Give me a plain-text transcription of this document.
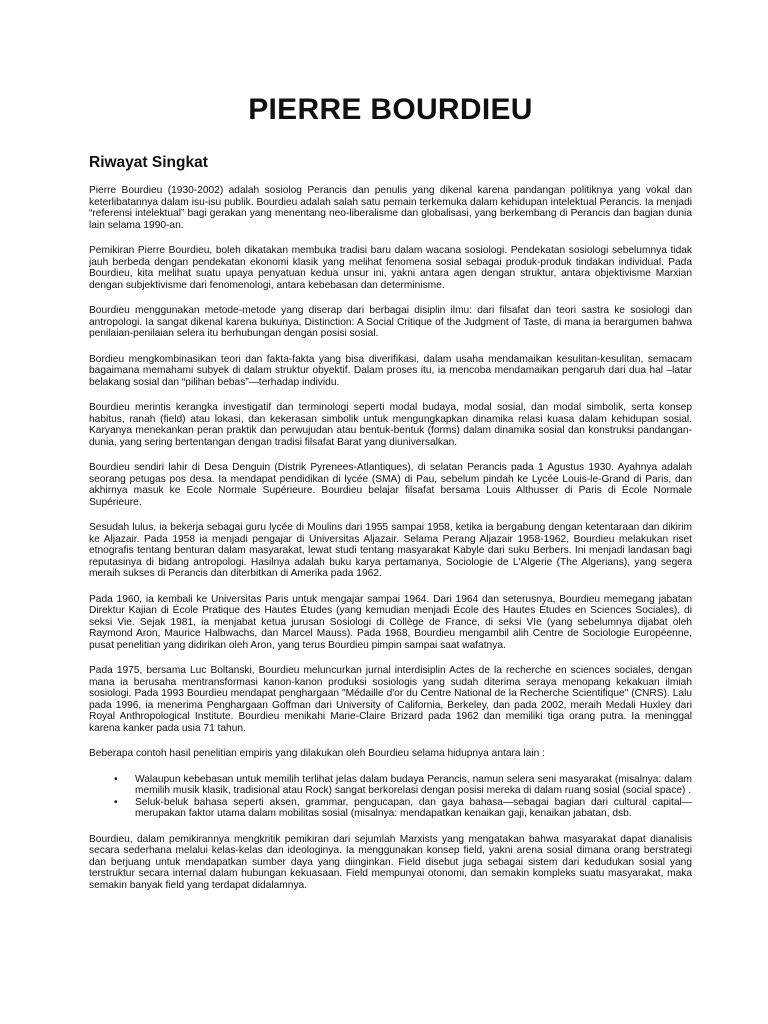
PIERRE BOURDIEU
Riwayat Singkat

Pierre Bourdieu (1930-2002) adalah sosiolog Perancis dan penulis yang dikenal karena pandangan politiknya yang vokal dan keterlibatannya dalam isu-isu publik. Bourdieu adalah salah satu pemain terkemuka dalam kehidupan intelektual Perancis. Ia menjadi “referensi intelektual” bagi gerakan yang menentang neo-liberalisme dan globalisasi, yang berkembang di Perancis dan bagian dunia lain selama 1990-an.

Pemikiran Pierre Bourdieu, boleh dikatakan membuka tradisi baru dalam wacana sosiologi. Pendekatan sosiologi sebelumnya tidak jauh berbeda dengan pendekatan ekonomi klasik yang melihat fenomena sosial sebagai produk-produk tindakan individual. Pada Bourdieu, kita melihat suatu upaya penyatuan kedua unsur ini, yakni antara agen dengan struktur, antara objektivisme Marxian dengan subjektivisme dari fenomenologi, antara kebebasan dan determinisme.

Bourdieu menggunakan metode-metode yang diserap dari berbagai disiplin ilmu: dari filsafat dan teori sastra ke sosiologi dan antropologi. Ia sangat dikenal karena bukunya, Distinction: A Social Critique of the Judgment of Taste, di mana ia berargumen bahwa penilaian-penilaian selera itu berhubungan dengan posisi sosial.

Bordieu mengkombinasikan teori dan fakta-fakta yang bisa diverifikasi, dalam usaha mendamaikan kesulitan-kesulitan, semacam bagaimana memahami subyek di dalam struktur obyektif. Dalam proses itu, ia mencoba mendamaikan pengaruh dari dua hal –latar belakang sosial dan “pilihan bebas”—terhadap individu.

Bourdieu merintis kerangka investigatif dan terminologi seperti modal budaya, modal sosial, dan modal simbolik, serta konsep habitus, ranah (field) atau lokasi, dan kekerasan simbolik untuk mengungkapkan dinamika relasi kuasa dalam kehidupan sosial. Karyanya menekankan peran praktik dan perwujudan atau bentuk-bentuk (forms) dalam dinamika sosial dan konstruksi pandangan-dunia, yang sering bertentangan dengan tradisi filsafat Barat yang diuniversalkan.

Bourdieu sendiri lahir di Desa Denguin (Distrik Pyrenees-Atlantiques), di selatan Perancis pada 1 Agustus 1930. Ayahnya adalah seorang petugas pos desa. Ia mendapat pendidikan di lycée (SMA) di Pau, sebelum pindah ke Lycée Louis-le-Grand di Paris, dan akhirnya masuk ke Ecole Normale Supérieure. Bourdieu belajar filsafat bersama Louis Althusser di Paris di École Normale Supérieure.

Sesudah lulus, ia bekerja sebagai guru lycée di Moulins dari 1955 sampai 1958, ketika ia bergabung dengan ketentaraan dan dikirim ke Aljazair. Pada 1958 ia menjadi pengajar di Universitas Aljazair. Selama Perang Aljazair 1958-1962, Bourdieu melakukan riset etnografis tentang benturan dalam masyarakat, lewat studi tentang masyarakat Kabyle dari suku Berbers. Ini menjadi landasan bagi reputasinya di bidang antropologi. Hasilnya adalah buku karya pertamanya, Sociologie de L'Algerie (The Algerians), yang segera meraih sukses di Perancis dan diterbitkan di Amerika pada 1962.

Pada 1960, ia kembali ke Universitas Paris untuk mengajar sampai 1964. Dari 1964 dan seterusnya, Bourdieu memegang jabatan Direktur Kajian di École Pratique des Hautes Études (yang kemudian menjadi École des Hautes Études en Sciences Sociales), di seksi Vie. Sejak 1981, ia menjabat ketua jurusan Sosiologi di Collège de France, di seksi VIe (yang sebelumnya dijabat oleh Raymond Aron, Maurice Halbwachs, dan Marcel Mauss). Pada 1968, Bourdieu mengambil alih Centre de Sociologie Européenne, pusat penelitian yang didirikan oleh Aron, yang terus Bourdieu pimpin sampai saat wafatnya.

Pada 1975, bersama Luc Boltanski, Bourdieu meluncurkan jurnal interdisiplin Actes de la recherche en sciences sociales, dengan mana ia berusaha mentransformasi kanon-kanon produksi sosiologis yang sudah diterima seraya menopang kekakuan ilmiah sosiologi. Pada 1993 Bourdieu mendapat penghargaan "Médaille d'or du Centre National de la Recherche Scientifique" (CNRS). Lalu pada 1996, ia menerima Penghargaan Goffman dari University of California, Berkeley, dan pada 2002, meraih Medali Huxley dari Royal Anthropological Institute. Bourdieu menikahi Marie-Claire Brizard pada 1962 dan memiliki tiga orang putra. Ia meninggal karena kanker pada usia 71 tahun.

Beberapa contoh hasil penelitian empiris yang dilakukan oleh Bourdieu selama hidupnya antara lain :

• Walaupun kebebasan untuk memilih terlihat jelas dalam budaya Perancis, namun selera seni masyarakat (misalnya: dalam memilih musik klasik, tradisional atau Rock) sangat berkorelasi dengan posisi mereka di dalam ruang sosial (social space) .
• Seluk-beluk bahasa seperti aksen, grammar, pengucapan, dan gaya bahasa—sebagai bagian dari cultural capital—merupakan faktor utama dalam mobilitas sosial (misalnya: mendapatkan kenaikan gaji, kenaikan jabatan, dsb.

Bourdieu, dalam pemikirannya mengkritik pemikiran dari sejumlah Marxists yang mengatakan bahwa masyarakat dapat dianalisis secara sederhana melalui kelas-kelas dan ideologinya. Ia menggunakan konsep field, yakni arena sosial dimana orang berstrategi dan berjuang untuk mendapatkan sumber daya yang diinginkan. Field disebut juga sebagai sistem dari kedudukan sosial yang terstruktur secara internal dalam hubungan kekuasaan. Field mempunyai otonomi, dan semakin kompleks suatu masyarakat, maka semakin banyak field yang terdapat didalamnya.
